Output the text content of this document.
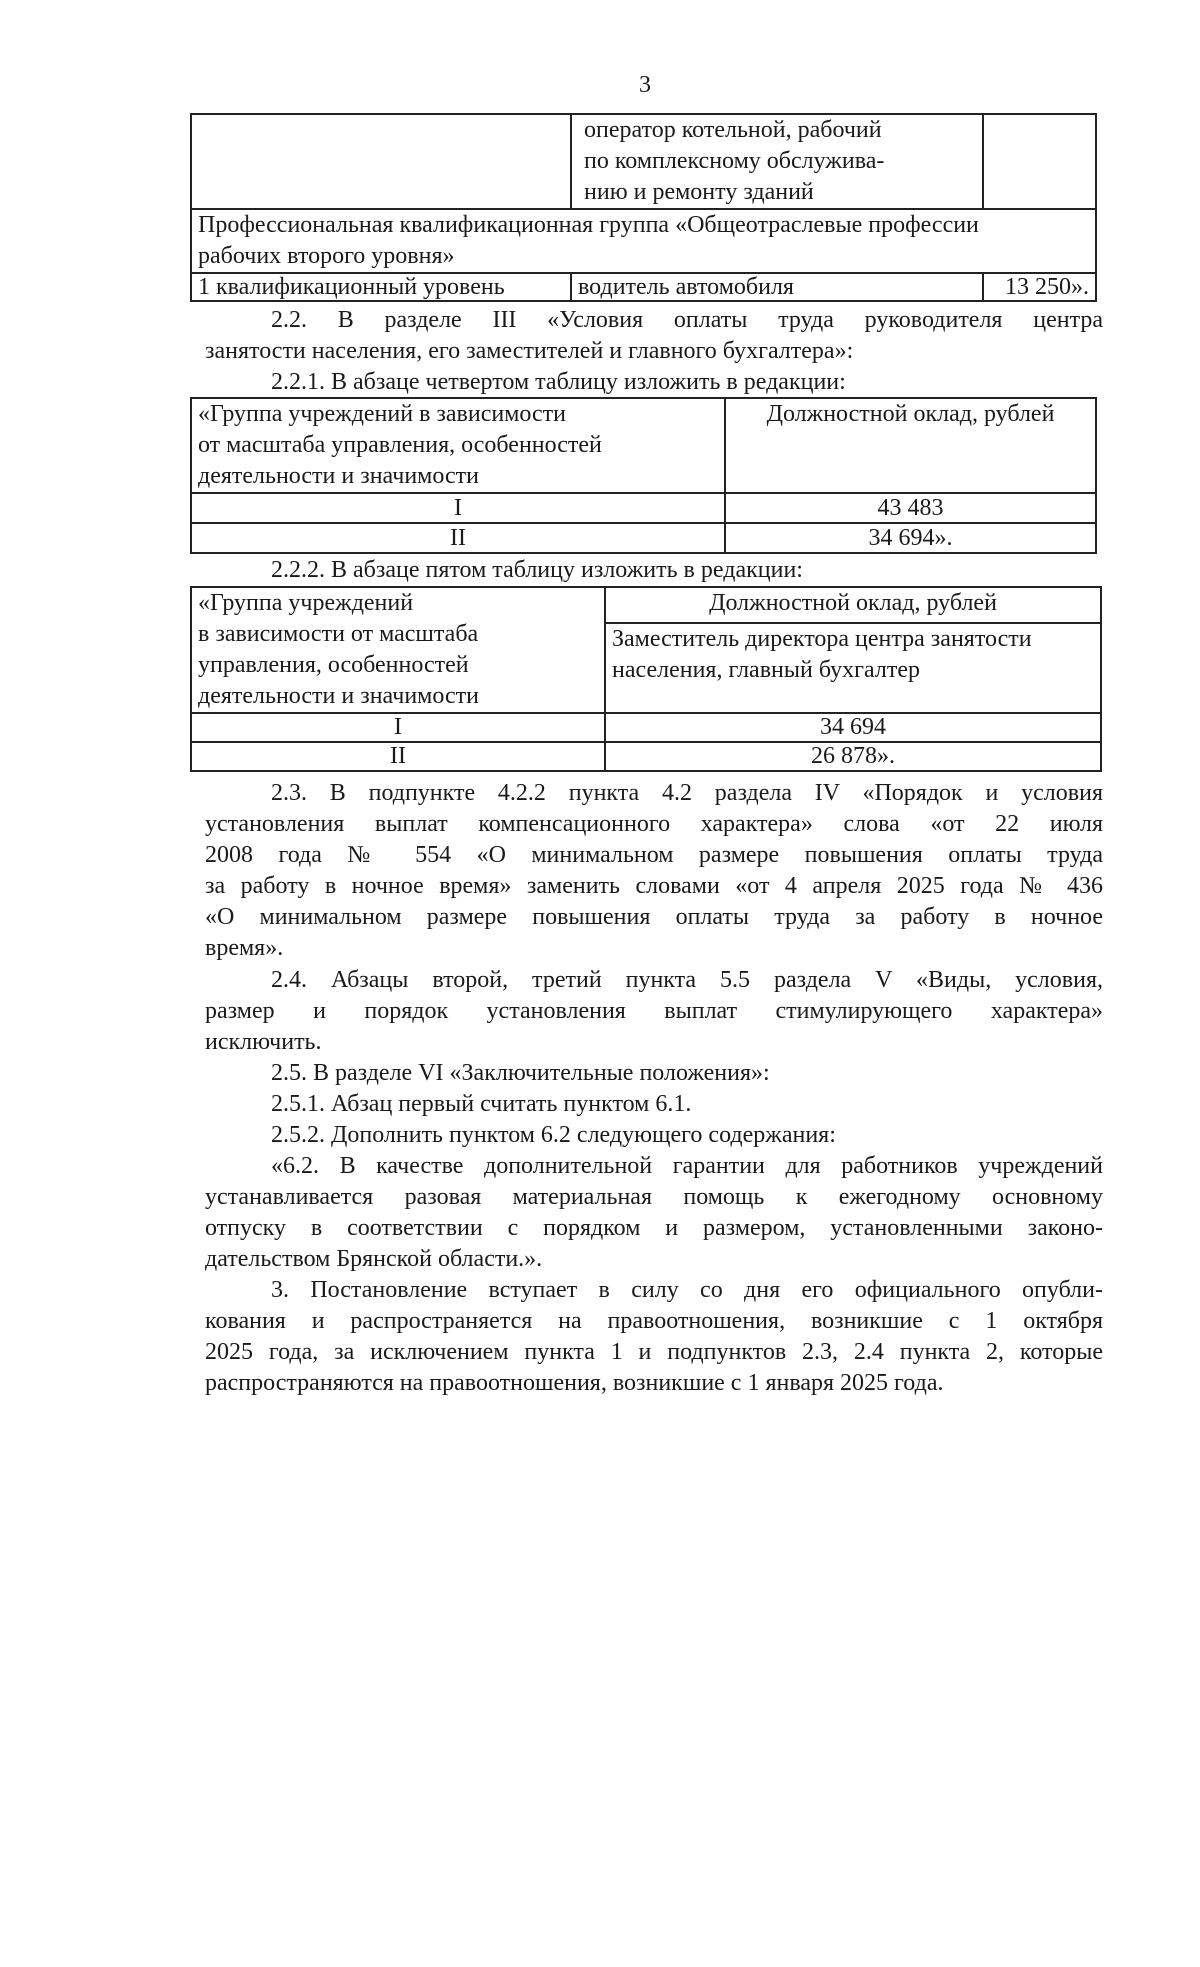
3

	оператор котельной, рабочий
по комплексному обслужива-
нию и ремонту зданий	

Профессиональная квалификационная группа «Общеотраслевые профессии
рабочих второго уровня»		

1 квалификационный уровень	водитель автомобиля	13 250».
2.2. В разделе III «Условия оплаты труда руководителя центра
занятости населения, его заместителей и главного бухгалтера»:
2.2.1. В абзаце четвертом таблицу изложить в редакции:
«Группа учреждений в зависимости
от масштаба управления, особенностей
деятельности и значимости	Должностной оклад, рублей
I	43 483
II	34 694».
2.2.2. В абзаце пятом таблицу изложить в редакции:
«Группа учреждений
в зависимости от масштаба
управления, особенностей
деятельности и значимости	Должностной оклад, рублей

	Заместитель директора центра занятости
населения, главный бухгалтер

I	34 694
II	26 878».
2.3. В подпункте 4.2.2 пункта 4.2 раздела IV «Порядок и условия
установления выплат компенсационного характера» слова «от 22 июля
2008 года № 554 «О минимальном размере повышения оплаты труда
за работу в ночное время» заменить словами «от 4 апреля 2025 года № 436
«О минимальном размере повышения оплаты труда за работу в ночное
время».
2.4. Абзацы второй, третий пункта 5.5 раздела V «Виды, условия,
размер и порядок установления выплат стимулирующего характера»
исключить.
2.5. В разделе VI «Заключительные положения»:
2.5.1. Абзац первый считать пунктом 6.1.
2.5.2. Дополнить пунктом 6.2 следующего содержания:
«6.2. В качестве дополнительной гарантии для работников учреждений
устанавливается разовая материальная помощь к ежегодному основному
отпуску в соответствии с порядком и размером, установленными законо-
дательством Брянской области.».
3. Постановление вступает в силу со дня его официального опубли-
кования и распространяется на правоотношения, возникшие с 1 октября
2025 года, за исключением пункта 1 и подпунктов 2.3, 2.4 пункта 2, которые
распространяются на правоотношения, возникшие с 1 января 2025 года.
